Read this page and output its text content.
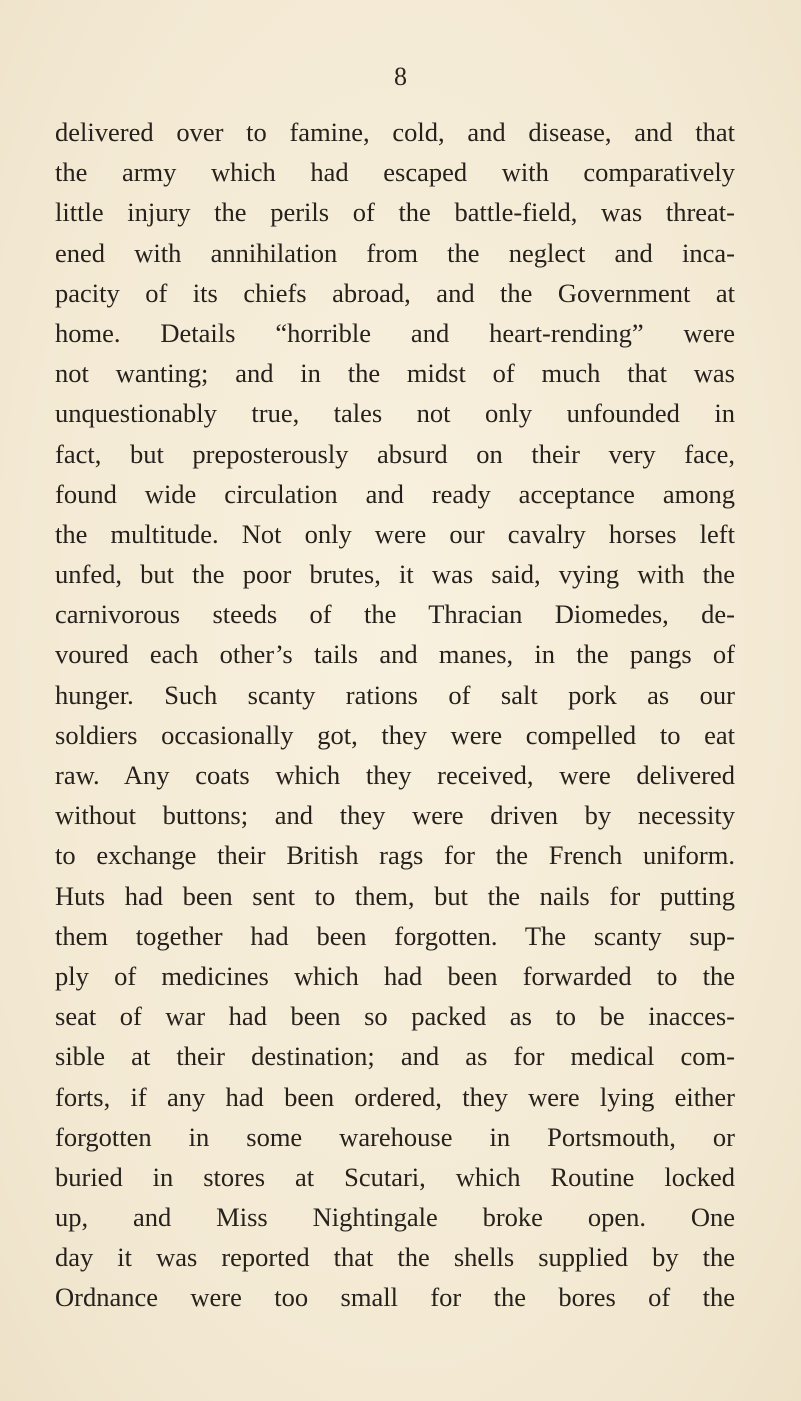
8
delivered over to famine, cold, and disease, and that
the army which had escaped with comparatively
little injury the perils of the battle-field, was threat-
ened with annihilation from the neglect and inca-
pacity of its chiefs abroad, and the Government at
home. Details “horrible and heart-rending” were
not wanting; and in the midst of much that was
unquestionably true, tales not only unfounded in
fact, but preposterously absurd on their very face,
found wide circulation and ready acceptance among
the multitude. Not only were our cavalry horses left
unfed, but the poor brutes, it was said, vying with the
carnivorous steeds of the Thracian Diomedes, de-
voured each other’s tails and manes, in the pangs of
hunger. Such scanty rations of salt pork as our
soldiers occasionally got, they were compelled to eat
raw. Any coats which they received, were delivered
without buttons; and they were driven by necessity
to exchange their British rags for the French uniform.
Huts had been sent to them, but the nails for putting
them together had been forgotten. The scanty sup-
ply of medicines which had been forwarded to the
seat of war had been so packed as to be inacces-
sible at their destination; and as for medical com-
forts, if any had been ordered, they were lying either
forgotten in some warehouse in Portsmouth, or
buried in stores at Scutari, which Routine locked
up, and Miss Nightingale broke open. One
day it was reported that the shells supplied by the
Ordnance were too small for the bores of the
